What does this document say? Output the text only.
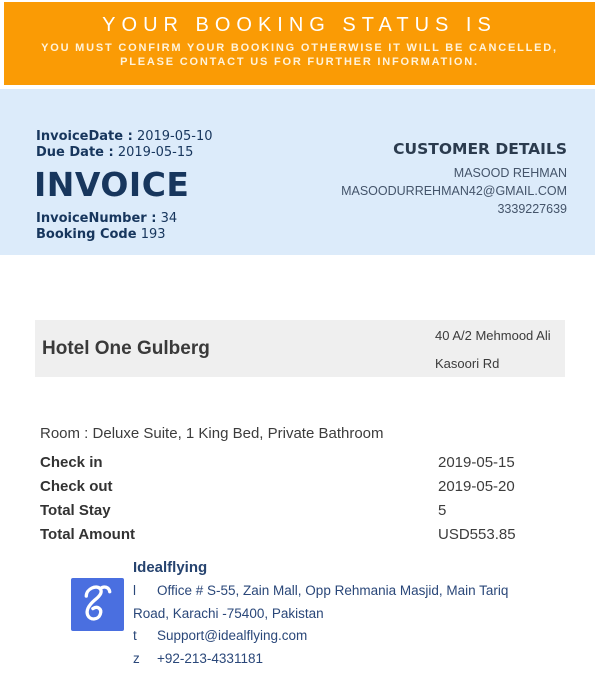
YOUR BOOKING STATUS IS
YOU MUST CONFIRM YOUR BOOKING OTHERWISE IT WILL BE CANCELLED, PLEASE CONTACT US FOR FURTHER INFORMATION.
InvoiceDate : 2019-05-10
Due Date : 2019-05-15
INVOICE
InvoiceNumber : 34
Booking Code 193
CUSTOMER DETAILS
MASOOD REHMAN
MASOODURREHMAN42@GMAIL.COM
3339227639
Hotel One Gulberg
40 A/2 Mehmood Ali
Kasoori Rd
Room : Deluxe Suite, 1 King Bed, Private Bathroom
Check in	2019-05-15
Check out	2019-05-20
Total Stay	5
Total Amount	USD553.85
Idealflying
l Office # S-55, Zain Mall, Opp Rehmania Masjid, Main Tariq
Road, Karachi -75400, Pakistan
t Support@idealflying.com
z +92-213-4331181
